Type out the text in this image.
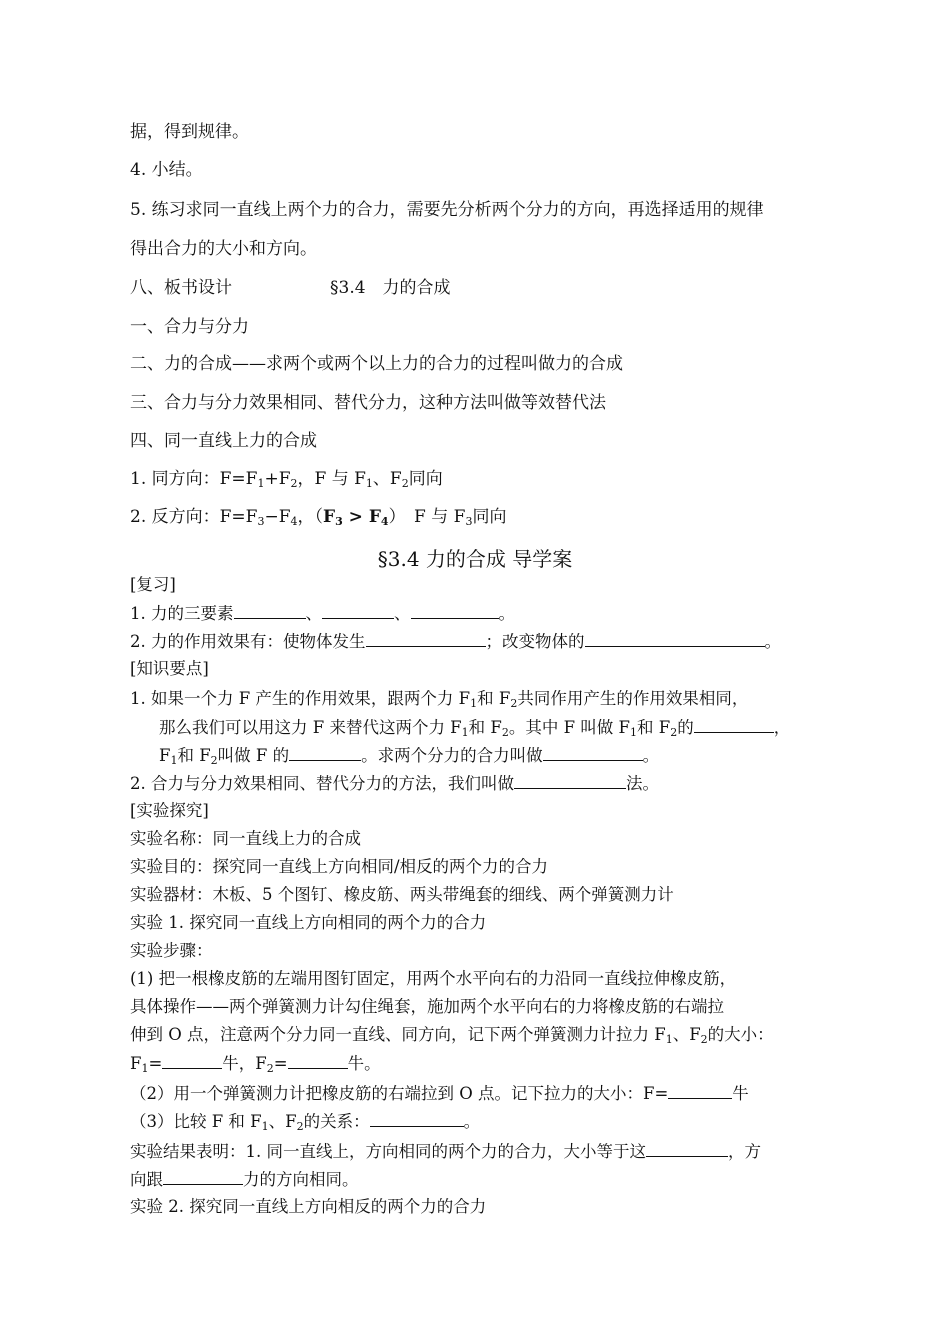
据，得到规律。
4. 小结。
5. 练习求同一直线上两个力的合力，需要先分析两个分力的方向，再选择适用的规律
得出合力的大小和方向。
八、板书设计	§3.4　力的合成
一、合力与分力
二、力的合成——求两个或两个以上力的合力的过程叫做力的合成
三、合力与分力效果相同、替代分力，这种方法叫做等效替代法
四、同一直线上力的合成
1. 同方向：$F=F_1+F_2$，F 与 $F_1$、$F_2$同向
2. 反方向：$F=F_3-F_4$，$(F_3 > F_4)$　F 与 $F_3$同向
§3.4 力的合成 导学案
[复习]
1. 力的三要素	、	、	。
2. 力的作用效果有：使物体发生	；改变物体的	。
[知识要点]
1. 如果一个力 F 产生的作用效果，跟两个力 $F_1$和 $F_2$共同作用产生的作用效果相同，
那么我们可以用这力 F 来替代这两个力 $F_1$和 $F_2$。其中 F 叫做 $F_1$和 $F_2$的	，
$F_1$和 $F_2$叫做 F 的	。求两个分力的合力叫做	。
2. 合力与分力效果相同、替代分力的方法，我们叫做	法。
[实验探究]
实验名称：同一直线上力的合成
实验目的：探究同一直线上方向相同/相反的两个力的合力
实验器材：木板、5 个图钉、橡皮筋、两头带绳套的细线、两个弹簧测力计
实验 1. 探究同一直线上方向相同的两个力的合力
实验步骤：
(1) 把一根橡皮筋的左端用图钉固定，用两个水平向右的力沿同一直线拉伸橡皮筋，
具体操作——两个弹簧测力计勾住绳套，施加两个水平向右的力将橡皮筋的右端拉
伸到 O 点，注意两个分力同一直线、同方向，记下两个弹簧测力计拉力 $F_1$、$F_2$的大小：
$F_1=$	牛，$F_2=$	牛。
（2）用一个弹簧测力计把橡皮筋的右端拉到 O 点。记下拉力的大小：F=	牛
（3）比较 F 和 $F_1$、$F_2$的关系：	。
实验结果表明：1. 同一直线上，方向相同的两个力的合力，大小等于这	，方
向跟	力的方向相同。
实验 2. 探究同一直线上方向相反的两个力的合力
